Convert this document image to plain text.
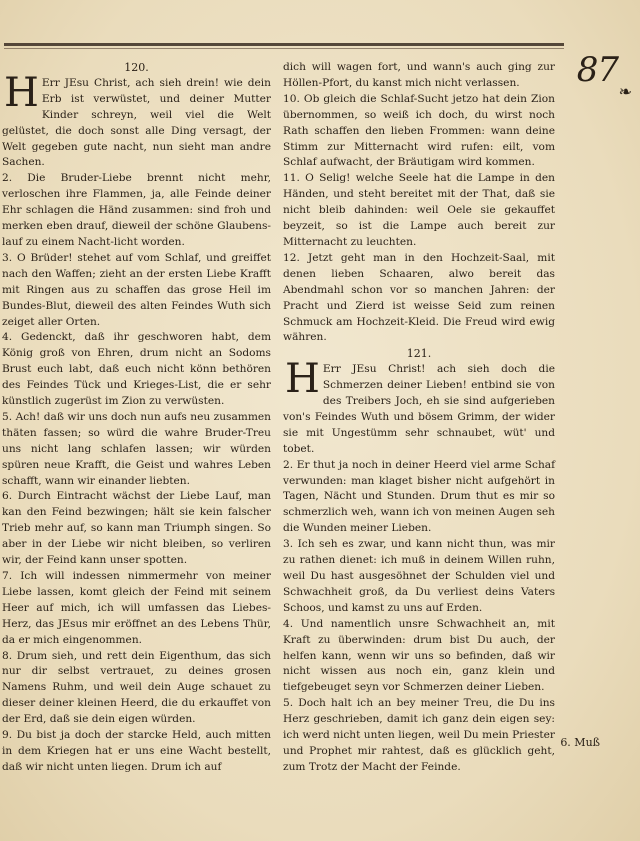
87
❧

120.

H Err JEsu Christ, ach sieh drein! wie dein Erb ist verwüstet, und deiner Mutter Kinder schreyn, weil viel die Welt gelüstet, die doch sonst alle Ding versagt, der Welt gegeben gute nacht, nun sieht man andre Sachen.

2. Die Bruder-Liebe brennt nicht mehr, verloschen ihre Flammen, ja, alle Feinde deiner Ehr schlagen die Händ zusammen: sind froh und merken eben drauf, dieweil der schöne Glaubens-lauf zu einem Nacht-licht worden.

3. O Brüder! stehet auf vom Schlaf, und greiffet nach den Waffen; zieht an der ersten Liebe Krafft mit Ringen aus zu schaffen das grose Heil im Bundes-Blut, dieweil des alten Feindes Wuth sich zeiget aller Orten.

4. Gedenckt, daß ihr geschworen habt, dem König groß von Ehren, drum nicht an Sodoms Brust euch labt, daß euch nicht könn bethören des Feindes Tück und Krieges-List, die er sehr künstlich zugerüst im Zion zu verwüsten.

5. Ach! daß wir uns doch nun aufs neu zusammen thäten fassen; so würd die wahre Bruder-Treu uns nicht lang schlafen lassen; wir würden spüren neue Krafft, die Geist und wahres Leben schafft, wann wir einander liebten.

6. Durch Eintracht wächst der Liebe Lauf, man kan den Feind bezwingen; hält sie kein falscher Trieb mehr auf, so kann man Triumph singen. So aber in der Liebe wir nicht bleiben, so verliren wir, der Feind kann unser spotten.

7. Ich will indessen nimmermehr von meiner Liebe lassen, komt gleich der Feind mit seinem Heer auf mich, ich will umfassen das Liebes-Herz, das JEsus mir eröffnet an des Lebens Thür, da er mich eingenommen.

8. Drum sieh, und rett dein Eigenthum, das sich nur dir selbst vertrauet, zu deines grosen Namens Ruhm, und weil dein Auge schauet zu dieser deiner kleinen Heerd, die du erkauffet von der Erd, daß sie dein eigen würden.

9. Du bist ja doch der starcke Held, auch mitten in dem Kriegen hat er uns eine Wacht bestellt, daß wir nicht unten liegen. Drum ich auf

dich will wagen fort, und wann's auch ging zur Höllen-Pfort, du kanst mich nicht verlassen.

10. Ob gleich die Schlaf-Sucht jetzo hat dein Zion übernommen, so weiß ich doch, du wirst noch Rath schaffen den lieben Frommen: wann deine Stimm zur Mitternacht wird rufen: eilt, vom Schlaf aufwacht, der Bräutigam wird kommen.

11. O Selig! welche Seele hat die Lampe in den Händen, und steht bereitet mit der That, daß sie nicht bleib dahinden: weil Oele sie gekauffet beyzeit, so ist die Lampe auch bereit zur Mitternacht zu leuchten.

12. Jetzt geht man in den Hochzeit-Saal, mit denen lieben Schaaren, alwo bereit das Abendmahl schon vor so manchen Jahren: der Pracht und Zierd ist weisse Seid zum reinen Schmuck am Hochzeit-Kleid. Die Freud wird ewig währen.

121.

H Err JEsu Christ! ach sieh doch die Schmerzen deiner Lieben! entbind sie von des Treibers Joch, eh sie sind aufgerieben von's Feindes Wuth und bösem Grimm, der wider sie mit Ungestümm sehr schnaubet, wüt' und tobet.

2. Er thut ja noch in deiner Heerd viel arme Schaf verwunden: man klaget bisher nicht aufgehört in Tagen, Nächt und Stunden. Drum thut es mir so schmerzlich weh, wann ich von meinen Augen seh die Wunden meiner Lieben.

3. Ich seh es zwar, und kann nicht thun, was mir zu rathen dienet: ich muß in deinem Willen ruhn, weil Du hast ausgesöhnet der Schulden viel und Schwachheit groß, da Du verliest deins Vaters Schoos, und kamst zu uns auf Erden.

4. Und namentlich unsre Schwachheit an, mit Kraft zu überwinden: drum bist Du auch, der helfen kann, wenn wir uns so befinden, daß wir nicht wissen aus noch ein, ganz klein und tiefgebeuget seyn vor Schmerzen deiner Lieben.

5. Doch halt ich an bey meiner Treu, die Du ins Herz geschrieben, damit ich ganz dein eigen sey: ich werd nicht unten liegen, weil Du mein Priester und Prophet mir rahtest, daß es glücklich geht, zum Trotz der Macht der Feinde.

6. Muß
